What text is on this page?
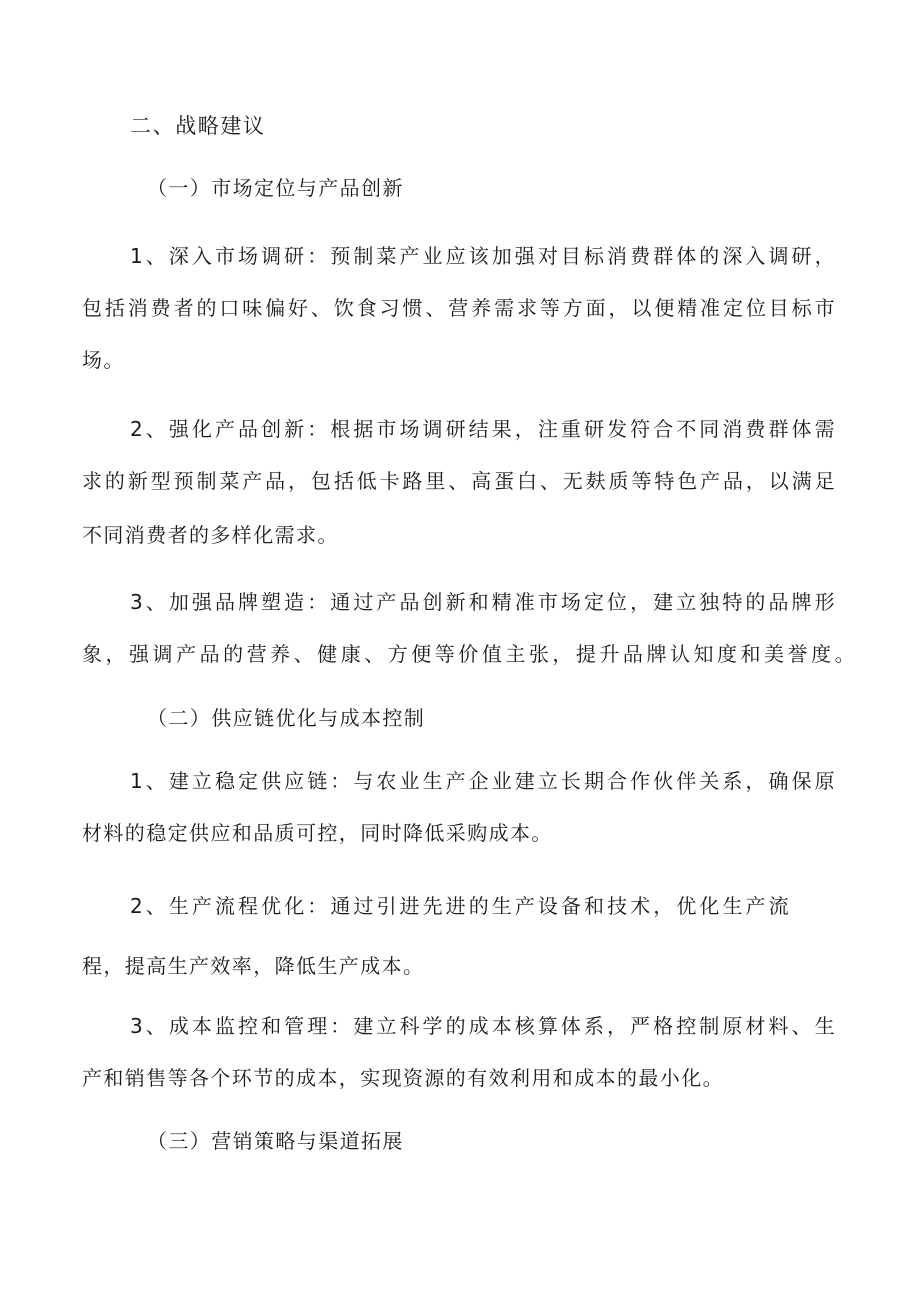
二、战略建议
（一）市场定位与产品创新
1、深入市场调研：预制菜产业应该加强对目标消费群体的深入调研，
包括消费者的口味偏好、饮食习惯、营养需求等方面，以便精准定位目标市
场。
2、强化产品创新：根据市场调研结果，注重研发符合不同消费群体需
求的新型预制菜产品，包括低卡路里、高蛋白、无麸质等特色产品，以满足
不同消费者的多样化需求。
3、加强品牌塑造：通过产品创新和精准市场定位，建立独特的品牌形
象，强调产品的营养、健康、方便等价值主张，提升品牌认知度和美誉度。
（二）供应链优化与成本控制
1、建立稳定供应链：与农业生产企业建立长期合作伙伴关系，确保原
材料的稳定供应和品质可控，同时降低采购成本。
2、生产流程优化：通过引进先进的生产设备和技术，优化生产流
程，提高生产效率，降低生产成本。
3、成本监控和管理：建立科学的成本核算体系，严格控制原材料、生
产和销售等各个环节的成本，实现资源的有效利用和成本的最小化。
（三）营销策略与渠道拓展
